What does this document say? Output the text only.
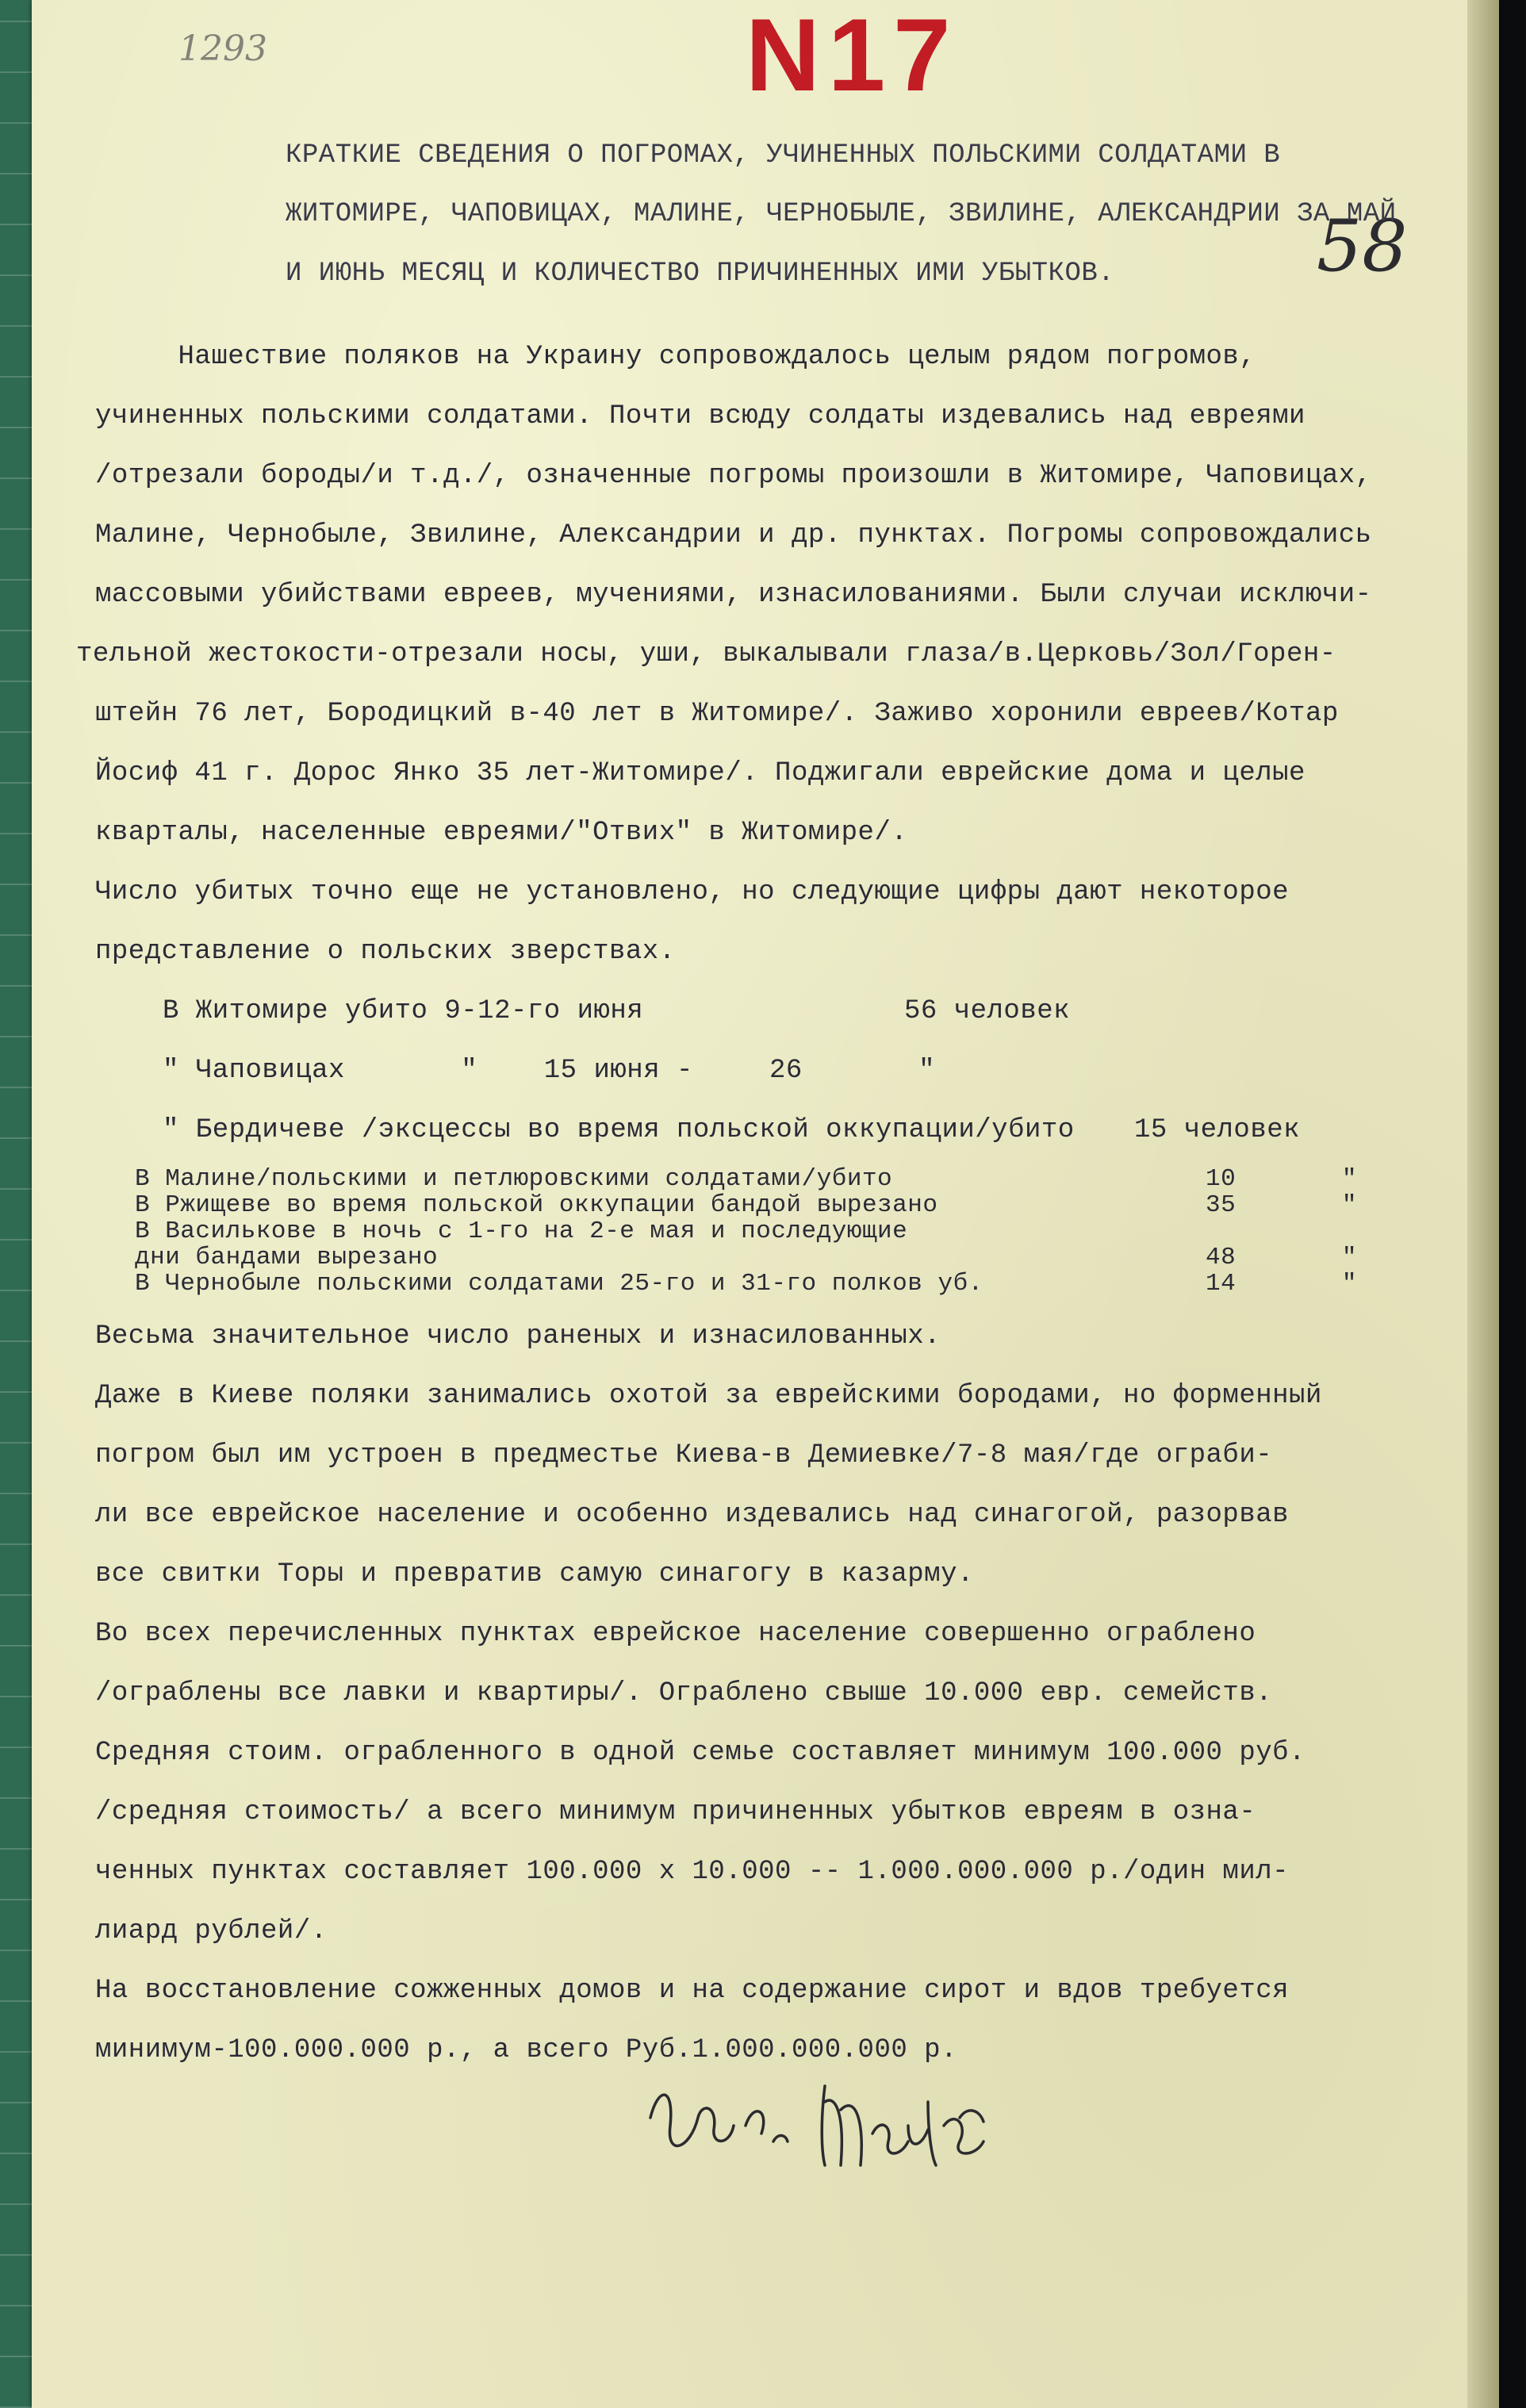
1293	N17
58
КРАТКИЕ СВЕДЕНИЯ О ПОГРОМАХ, УЧИНЕННЫХ ПОЛЬСКИМИ СОЛДАТАМИ В
ЖИТОМИРЕ, ЧАПОВИЦАХ, МАЛИНЕ, ЧЕРНОБЫЛЕ, ЗВИЛИНЕ, АЛЕКСАНДРИИ ЗА МАЙ
И ИЮНЬ МЕСЯЦ И КОЛИЧЕСТВО ПРИЧИНЕННЫХ ИМИ УБЫТКОВ.
Нашествие поляков на Украину сопровождалось целым рядом погромов,
учиненных польскими солдатами. Почти всюду солдаты издевались над евреями
/отрезали бороды/и т.д./, означенные погромы произошли в Житомире, Чаповицах,
Малине, Чернобыле, Звилине, Александрии и др. пунктах. Погромы сопровождались
массовыми убийствами евреев, мучениями, изнасилованиями. Были случаи исключи-
тельной жестокости-отрезали носы, уши, выкалывали глаза/в.Церковь/Зол/Горен-
штейн 76 лет, Бородицкий в-40 лет в Житомире/. Заживо хоронили евреев/Котар
Йосиф 41 г. Дорос Янко 35 лет-Житомире/. Поджигали еврейские дома и целые
кварталы, населенные евреями/"Отвих" в Житомире/.
Число убитых точно еще не установлено, но следующие цифры дают некоторое
представление о польских зверствах.
В Житомире убито 9-12-го июня	56 человек
" Чаповицах       "    15 июня -	26       "
" Бердичеве /эксцессы во время польской оккупации/убито 15 человек
В Малине/польскими и петлюровскими солдатами/убито	10       "
В Ржищеве во время польской оккупации бандой вырезано	35       "
В Василькове в ночь с 1-го на 2-е мая и последующие
дни бандами вырезано	48       "
В Чернобыле польскими солдатами 25-го и 31-го полков уб.	14       "
Весьма значительное число раненых и изнасилованных.
Даже в Киеве поляки занимались охотой за еврейскими бородами, но форменный
погром был им устроен в предместье Киева-в Демиевке/7-8 мая/где ограби-
ли все еврейское население и особенно издевались над синагогой, разорвав
все свитки Торы и превратив самую синагогу в казарму.
Во всех перечисленных пунктах еврейское население совершенно ограблено
/ограблены все лавки и квартиры/. Ограблено свыше 10.000 евр. семейств.
Средняя стоим. ограбленного в одной семье составляет минимум 100.000 руб.
/средняя стоимость/ а всего минимум причиненных убытков евреям в озна-
ченных пунктах составляет 100.000 х 10.000 -- 1.000.000.000 р./один мил-
лиард рублей/.
На восстановление сожженных домов и на содержание сирот и вдов требуется
минимум-100.000.000 р., а всего Руб.1.000.000.000 р.
